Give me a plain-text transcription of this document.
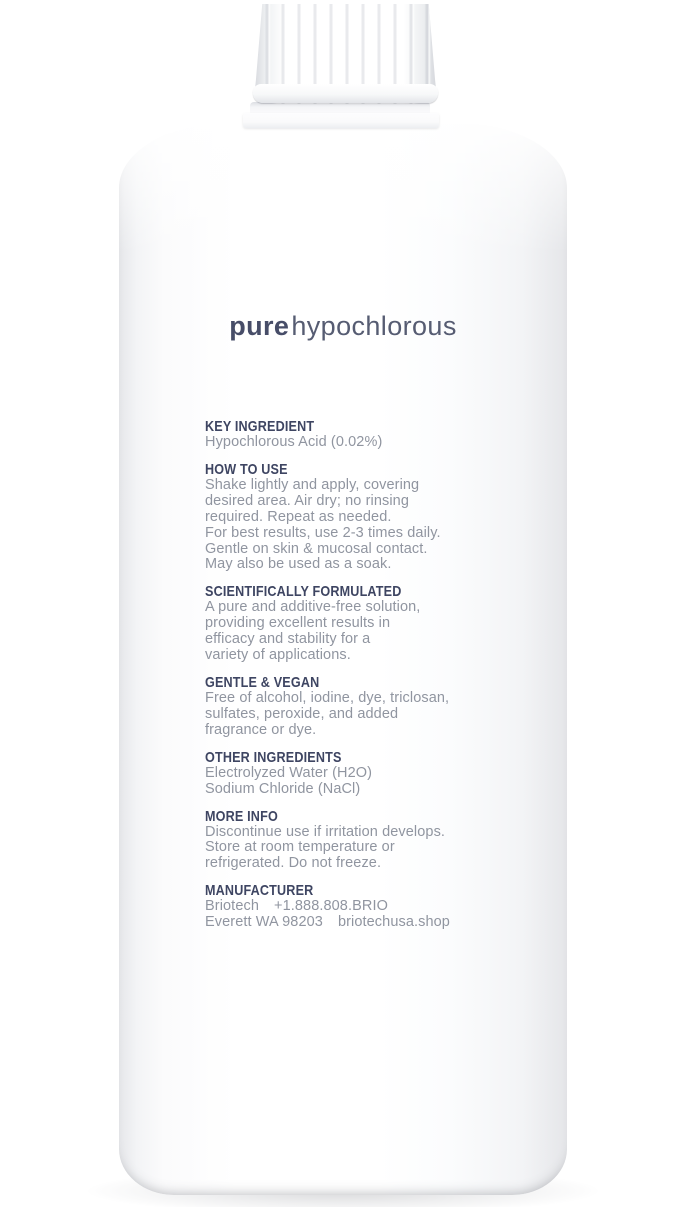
purehypochlorous
KEY INGREDIENT

Hypochlorous Acid (0.02%)

HOW TO USE

Shake lightly and apply, covering

desired area. Air dry; no rinsing

required. Repeat as needed.

For best results, use 2-3 times daily.

Gentle on skin & mucosal contact.

May also be used as a soak.

SCIENTIFICALLY FORMULATED

A pure and additive-free solution,

providing excellent results in

efficacy and stability for a

variety of applications.

GENTLE & VEGAN

Free of alcohol, iodine, dye, triclosan,

sulfates, peroxide, and added

fragrance or dye.

OTHER INGREDIENTS

Electrolyzed Water (H2O)

Sodium Chloride (NaCl)

MORE INFO

Discontinue use if irritation develops.

Store at room temperature or

refrigerated. Do not freeze.

MANUFACTURER
Briotech +1.888.808.BRIO
Everett WA 98203 briotechusa.shop
